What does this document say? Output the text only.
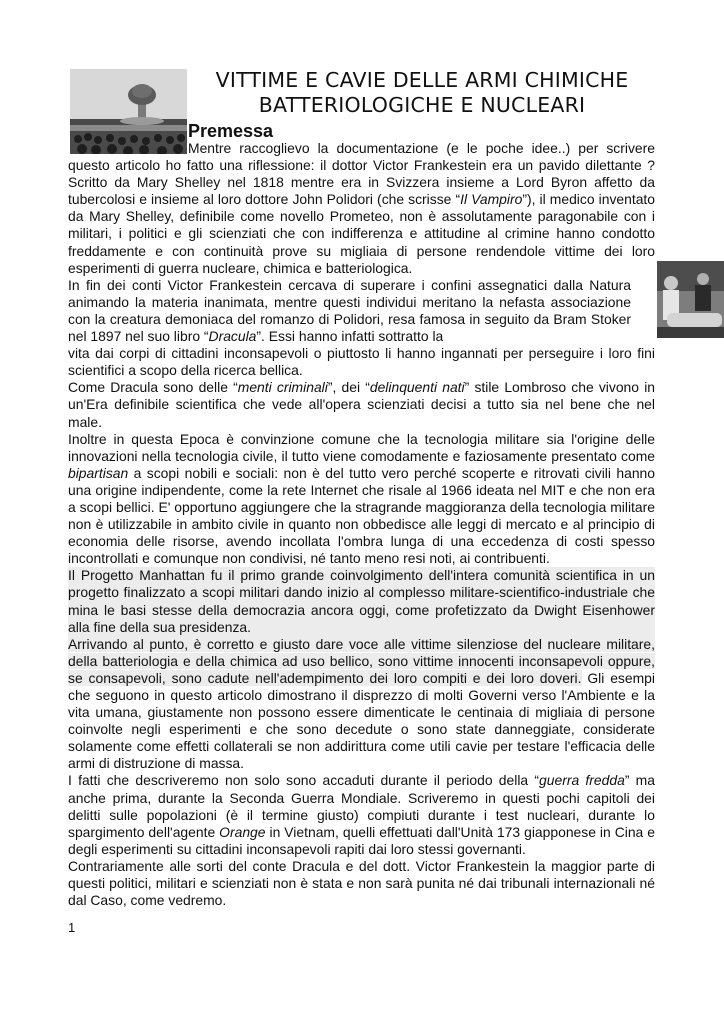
VITTIME E CAVIE DELLE ARMI CHIMICHE
BATTERIOLOGICHE E NUCLEARI
Premessa

Mentre raccoglievo la documentazione (e le poche idee..) per scrivere questo articolo ho fatto una riflessione: il dottor Victor Frankestein era un pavido dilettante ? Scritto da Mary Shelley nel 1818 mentre era in Svizzera insieme a Lord Byron affetto da tubercolosi e insieme al loro dottore John Polidori (che scrisse “Il Vampiro”), il medico inventato da Mary Shelley, definibile come novello Prometeo, non è assolutamente paragonabile con i militari, i politici e gli scienziati che con indifferenza e attitudine al crimine hanno condotto freddamente e con continuità prove su migliaia di persone rendendole vittime dei loro esperimenti di guerra nucleare, chimica e batteriologica.

In fin dei conti Victor Frankestein cercava di superare i confini assegnatici dalla Natura animando la materia inanimata, mentre questi individui meritano la nefasta associazione con la creatura demoniaca del romanzo di Polidori, resa famosa in seguito da Bram Stoker nel 1897 nel suo libro “Dracula”. Essi hanno infatti sottratto la

vita dai corpi di cittadini inconsapevoli o piuttosto li hanno ingannati per perseguire i loro fini scientifici a scopo della ricerca bellica.

Come Dracula sono delle “menti criminali”, dei “delinquenti nati” stile Lombroso che vivono in un'Era definibile scientifica che vede all'opera scienziati decisi a tutto sia nel bene che nel male.

Inoltre in questa Epoca è convinzione comune che la tecnologia militare sia l'origine delle innovazioni nella tecnologia civile, il tutto viene comodamente e faziosamente presentato come bipartisan a scopi nobili e sociali: non è del tutto vero perché scoperte e ritrovati civili hanno una origine indipendente, come la rete Internet che risale al 1966 ideata nel MIT e che non era a scopi bellici. E' opportuno aggiungere che la stragrande maggioranza della tecnologia militare non è utilizzabile in ambito civile in quanto non obbedisce alle leggi di mercato e al principio di economia delle risorse, avendo incollata l'ombra lunga di una eccedenza di costi spesso incontrollati e comunque non condivisi, né tanto meno resi noti, ai contribuenti.

Il Progetto Manhattan fu il primo grande coinvolgimento dell'intera comunità scientifica in un progetto finalizzato a scopi militari dando inizio al complesso militare-scientifico-industriale che mina le basi stesse della democrazia ancora oggi, come profetizzato da Dwight Eisenhower alla fine della sua presidenza.

Arrivando al punto, è corretto e giusto dare voce alle vittime silenziose del nucleare militare, della batteriologia e della chimica ad uso bellico, sono vittime innocenti inconsapevoli oppure, se consapevoli, sono cadute nell'adempimento dei loro compiti e dei loro doveri. Gli esempi che seguono in questo articolo dimostrano il disprezzo di molti Governi verso l'Ambiente e la vita umana, giustamente non possono essere dimenticate le centinaia di migliaia di persone coinvolte negli esperimenti e che sono decedute o sono state danneggiate, considerate solamente come effetti collaterali se non addirittura come utili cavie per testare l'efficacia delle armi di distruzione di massa.

I fatti che descriveremo non solo sono accaduti durante il periodo della “guerra fredda” ma anche prima, durante la Seconda Guerra Mondiale. Scriveremo in questi pochi capitoli dei delitti sulle popolazioni (è il termine giusto) compiuti durante i test nucleari, durante lo spargimento dell'agente Orange in Vietnam, quelli effettuati dall'Unità 173 giapponese in Cina e degli esperimenti su cittadini inconsapevoli rapiti dai loro stessi governanti.

Contrariamente alle sorti del conte Dracula e del dott. Victor Frankestein la maggior parte di questi politici, militari e scienziati non è stata e non sarà punita né dai tribunali internazionali né dal Caso, come vedremo.

1
